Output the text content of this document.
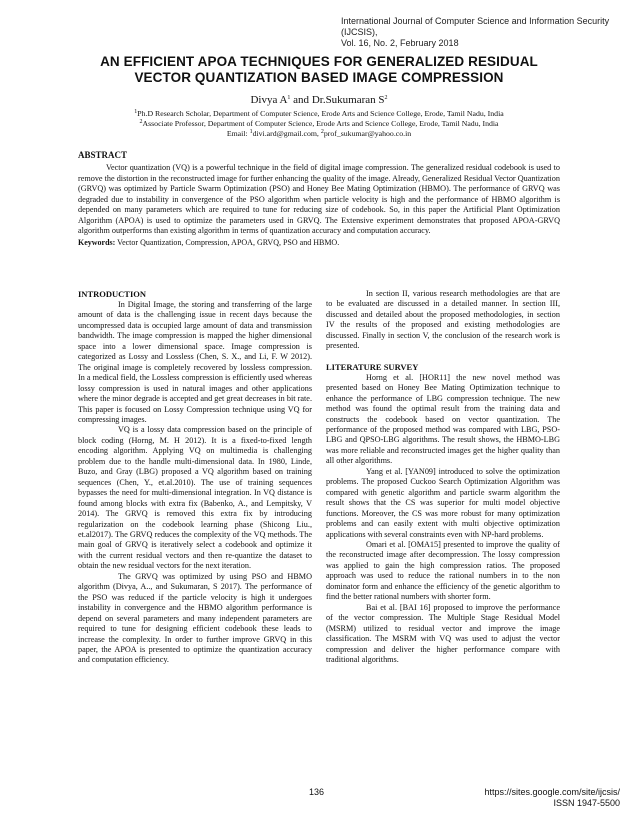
International Journal of Computer Science and Information Security (IJCSIS),
Vol. 16, No. 2, February 2018
AN EFFICIENT APOA TECHNIQUES FOR GENERALIZED RESIDUAL
VECTOR QUANTIZATION BASED IMAGE COMPRESSION
Divya $A^1$ and Dr.Sukumaran $S^2$
$^1$Ph.D Research Scholar, Department of Computer Science, Erode Arts and Science College, Erode, Tamil Nadu, India
$^2$Associate Professor, Department of Computer Science, Erode Arts and Science College, Erode, Tamil Nadu, India
Email: $^1$divi.ard@gmail.com, $^2$prof_sukumar@yahoo.co.in
ABSTRACT

Vector quantization (VQ) is a powerful technique in the field of digital image compression. The generalized residual codebook is used to remove the distortion in the reconstructed image for further enhancing the quality of the image. Already, Generalized Residual Vector Quantization (GRVQ) was optimized by Particle Swarm Optimization (PSO) and Honey Bee Mating Optimization (HBMO). The performance of GRVQ was degraded due to instability in convergence of the PSO algorithm when particle velocity is high and the performance of HBMO algorithm is depended on many parameters which are required to tune for reducing size of codebook. So, in this paper the Artificial Plant Optimization Algorithm (APOA) is used to optimize the parameters used in GRVQ. The Extensive experiment demonstrates that proposed APOA-GRVQ algorithm outperforms than existing algorithm in terms of quantization accuracy and computation accuracy.

Keywords: Vector Quantization, Compression, APOA, GRVQ, PSO and HBMO.
INTRODUCTION

In Digital Image, the storing and transferring of the large amount of data is the challenging issue in recent days because the uncompressed data is occupied large amount of data and transmission bandwidth. The image compression is mapped the higher dimensional space into a lower dimensional space. Image compression is categorized as Lossy and Lossless (Chen, S. X., and Li, F. W 2012). The original image is completely recovered by lossless compression. In a medical field, the Lossless compression is efficiently used whereas lossy compression is used in natural images and other applications where the minor degrade is accepted and get great decreases in bit rate. This paper is focused on Lossy Compression technique using VQ for compressing images.

VQ is a lossy data compression based on the principle of block coding (Horng, M. H 2012). It is a fixed-to-fixed length encoding algorithm. Applying VQ on multimedia is challenging problem due to the handle multi-dimensional data. In 1980, Linde, Buzo, and Gray (LBG) proposed a VQ algorithm based on training sequences (Chen, Y., et.al.2010). The use of training sequences bypasses the need for multi-dimensional integration. In VQ distance is found among blocks with extra fix (Babenko, A., and Lempitsky, V 2014). The GRVQ is removed this extra fix by introducing regularization on the codebook learning phase (Shicong Liu., et.al2017). The GRVQ reduces the complexity of the VQ methods. The main goal of GRVQ is iteratively select a codebook and optimize it with the current residual vectors and then re-quantize the dataset to obtain the new residual vectors for the next iteration.

The GRVQ was optimized by using PSO and HBMO algorithm (Divya, A.., and Sukumaran, S 2017). The performance of the PSO was reduced if the particle velocity is high it undergoes instability in convergence and the HBMO algorithm performance is depend on several parameters and many independent parameters are required to tune for designing efficient codebook these leads to increase the complexity. In order to further improve GRVQ in this paper, the APOA is presented to optimize the quantization accuracy and computation efficiency.

In section II, various research methodologies are that are to be evaluated are discussed in a detailed manner. In section III, discussed and detailed about the proposed methodologies, in section IV the results of the proposed and existing methodologies are discussed. Finally in section V, the conclusion of the research work is presented.

LITERATURE SURVEY

Horng et al. [HOR11] the new novel method was presented based on Honey Bee Mating Optimization technique to enhance the performance of LBG compression technique. The new method was found the optimal result from the training data and constructs the codebook based on vector quantization. The performance of the proposed method was compared with LBG, PSO-LBG and QPSO-LBG algorithms. The result shows, the HBMO-LBG was more reliable and reconstructed images get the higher quality than all other algorithms.

Yang et al. [YAN09] introduced to solve the optimization problems. The proposed Cuckoo Search Optimization Algorithm was compared with genetic algorithm and particle swarm algorithm the result shows that the CS was superior for multi model objective functions. Moreover, the CS was more robust for many optimization problems and can easily extent with multi objective optimization applications with several constraints even with NP-hard problems.

Omari et al. [OMA15] presented to improve the quality of the reconstructed image after decompression. The lossy compression was applied to gain the high compression ratios. The proposed approach was used to reduce the rational numbers in to the non dominator form and enhance the efficiency of the genetic algorithm to find the better rational numbers with shorter form.

Bai et al. [BAI 16] proposed to improve the performance of the vector compression. The Multiple Stage Residual Model (MSRM) utilized to residual vector and improve the image classification. The MSRM with VQ was used to adjust the vector compression and deliver the higher performance compare with traditional algorithms.

136	https://sites.google.com/site/ijcsis/
ISSN 1947-5500
